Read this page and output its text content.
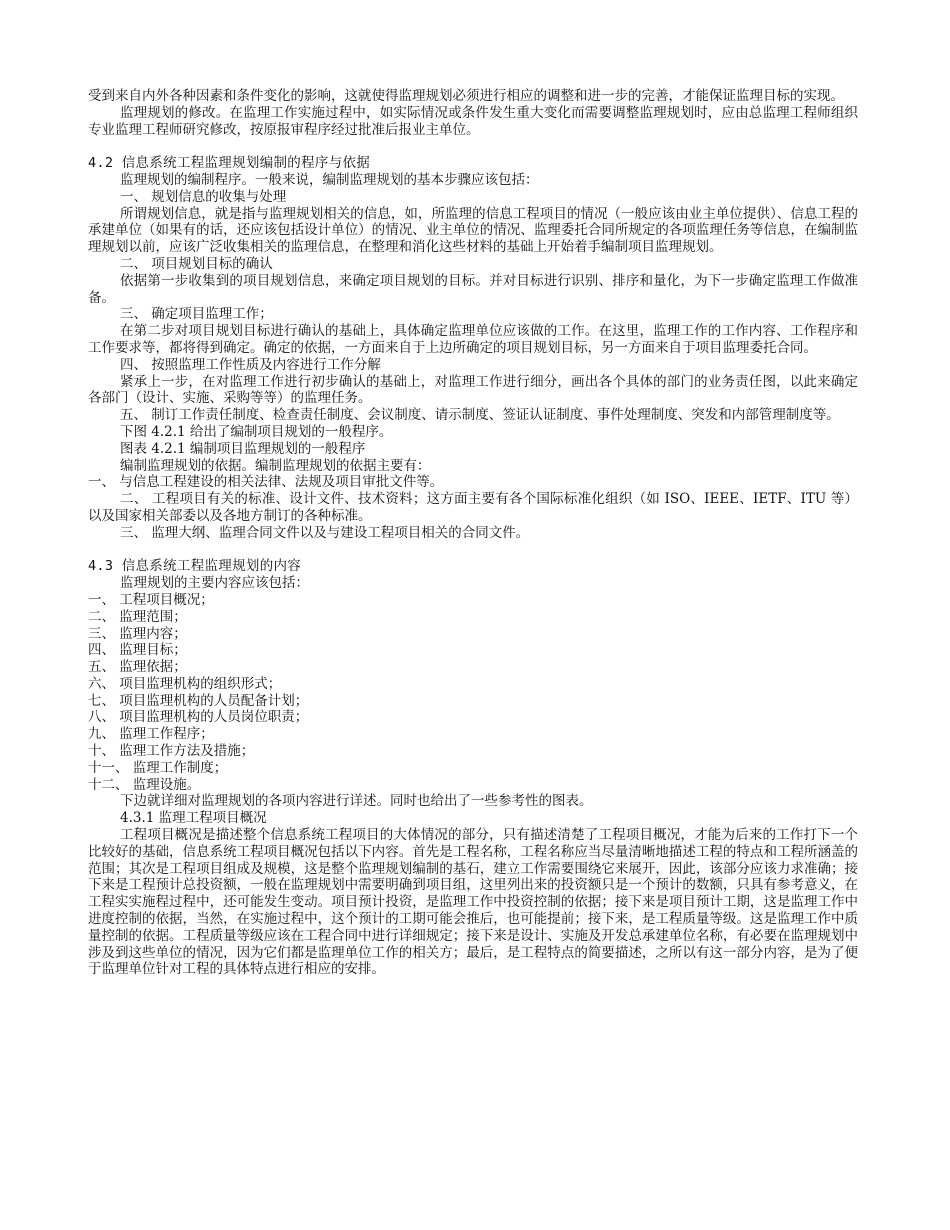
受到来自内外各种因素和条件变化的影响，这就使得监理规划必须进行相应的调整和进一步的完善，才能保证监理目标的实现。

监理规划的修改。在监理工作实施过程中，如实际情况或条件发生重大变化而需要调整监理规划时，应由总监理工程师组织专业监理工程师研究修改，按原报审程序经过批准后报业主单位。

4.2 信息系统工程监理规划编制的程序与依据

监理规划的编制程序。一般来说，编制监理规划的基本步骤应该包括：

一、 规划信息的收集与处理

所谓规划信息，就是指与监理规划相关的信息，如，所监理的信息工程项目的情况（一般应该由业主单位提供）、信息工程的承建单位（如果有的话，还应该包括设计单位）的情况、业主单位的情况、监理委托合同所规定的各项监理任务等信息，在编制监理规划以前，应该广泛收集相关的监理信息，在整理和消化这些材料的基础上开始着手编制项目监理规划。

二、 项目规划目标的确认

依据第一步收集到的项目规划信息，来确定项目规划的目标。并对目标进行识别、排序和量化，为下一步确定监理工作做准备。

三、 确定项目监理工作；

在第二步对项目规划目标进行确认的基础上，具体确定监理单位应该做的工作。在这里，监理工作的工作内容、工作程序和工作要求等，都将得到确定。确定的依据，一方面来自于上边所确定的项目规划目标，另一方面来自于项目监理委托合同。

四、 按照监理工作性质及内容进行工作分解

紧承上一步，在对监理工作进行初步确认的基础上，对监理工作进行细分，画出各个具体的部门的业务责任图，以此来确定各部门（设计、实施、采购等等）的监理任务。

五、 制订工作责任制度、检查责任制度、会议制度、请示制度、签证认证制度、事件处理制度、突发和内部管理制度等。

下图 4.2.1 给出了编制项目规划的一般程序。

图表 4.2.1 编制项目监理规划的一般程序

编制监理规划的依据。编制监理规划的依据主要有：

一、 与信息工程建设的相关法律、法规及项目审批文件等。

二、 工程项目有关的标准、设计文件、技术资料；这方面主要有各个国际标准化组织（如 ISO、IEEE、IETF、ITU 等）以及国家相关部委以及各地方制订的各种标准。

三、 监理大纲、监理合同文件以及与建设工程项目相关的合同文件。

4.3 信息系统工程监理规划的内容

监理规划的主要内容应该包括：

一、 工程项目概况；

二、 监理范围；

三、 监理内容；

四、 监理目标；

五、 监理依据；

六、 项目监理机构的组织形式；

七、 项目监理机构的人员配备计划；

八、 项目监理机构的人员岗位职责；

九、 监理工作程序；

十、 监理工作方法及措施；

十一、 监理工作制度；

十二、 监理设施。

下边就详细对监理规划的各项内容进行详述。同时也给出了一些参考性的图表。

4.3.1 监理工程项目概况

工程项目概况是描述整个信息系统工程项目的大体情况的部分，只有描述清楚了工程项目概况，才能为后来的工作打下一个比较好的基础，信息系统工程项目概况包括以下内容。首先是工程名称，工程名称应当尽量清晰地描述工程的特点和工程所涵盖的范围；其次是工程项目组成及规模，这是整个监理规划编制的基石，建立工作需要围绕它来展开，因此，该部分应该力求准确；接下来是工程预计总投资额，一般在监理规划中需要明确到项目组，这里列出来的投资额只是一个预计的数额，只具有参考意义，在工程实实施程过程中，还可能发生变动。项目预计投资，是监理工作中投资控制的依据；接下来是项目预计工期，这是监理工作中进度控制的依据，当然，在实施过程中，这个预计的工期可能会推后，也可能提前；接下来，是工程质量等级。这是监理工作中质量控制的依据。工程质量等级应该在工程合同中进行详细规定；接下来是设计、实施及开发总承建单位名称，有必要在监理规划中涉及到这些单位的情况，因为它们都是监理单位工作的相关方；最后，是工程特点的简要描述，之所以有这一部分内容，是为了便于监理单位针对工程的具体特点进行相应的安排。
